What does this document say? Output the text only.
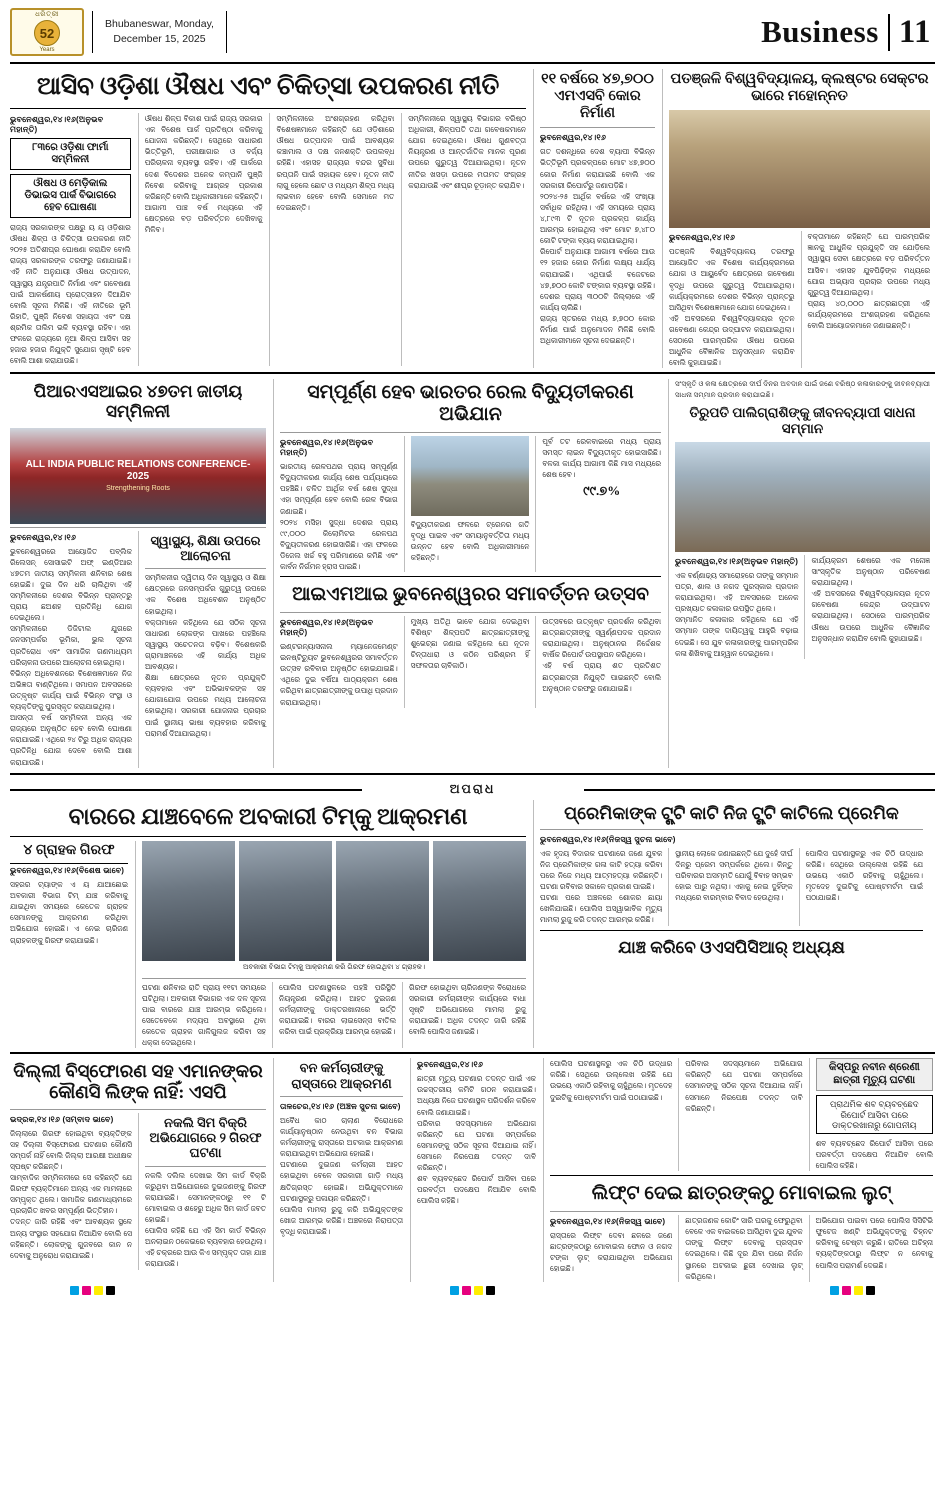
ଧରିତ୍ରୀ
52
Years
Bhubaneswar, Monday,
December 15, 2025	Business 11
ଆସିବ ଓଡ଼ିଶା ଔଷଧ ଏବଂ ଚିକିତ୍ସା ଉପକରଣ ନୀତି
ଭୁବନେଶ୍ୱର,୧୪।୧୬(ଅନୁଭବ ମହାନ୍ତି)
୮୩ରେ ଓଡ଼ିଶା ଫାର୍ମା ସମ୍ମିଳନୀ
ଔଷଧ ଓ ମେଡ଼ିକାଲ ଡିଭାଇସ ପାର୍କ ବିଭାଗରେ ହେବ ଘୋଷଣା
ରାଜ୍ୟ ସରକାରଙ୍କ ପକ୍ଷରୁ ୟ ୟ ଓଡ଼ିଶାର ଔଷଧ ଶିଳ୍ପ ଓ ଚିକିତ୍ସା ଉପକରଣ ନୀତି ୨୦୨୫ ଅତିଶୀଘ୍ର ଘୋଷଣା କରାଯିବ ବୋଲି ରାଜ୍ୟ ସରକାରଙ୍କ ତରଫରୁ ଜଣାଯାଇଛି। ଏହି ନୀତି ଅନୁଯାୟୀ ଔଷଧ ଉତ୍ପାଦନ, ସ୍ୱାସ୍ଥ୍ୟ ଯନ୍ତ୍ରପାତି ନିର୍ମାଣ ଏବଂ ଗବେଷଣା ପାଇଁ ଆକର୍ଷଣୀୟ ପ୍ରୋତ୍ସାହନ ଦିଆଯିବ ବୋଲି ସୂଚନା ମିଳିଛି। ଏହି ନୀତିରେ ଭୂମି ରିହାତି, ପୁଞ୍ଜି ନିବେଶ ସହାୟତା ଏବଂ ଦକ୍ଷ ଶ୍ରମିକ ତାଲିମ ଭଳି ବ୍ୟବସ୍ଥା ରହିବ। ଏହା ଫଳରେ ରାଜ୍ୟରେ ନୂଆ ଶିଳ୍ପ ଆସିବା ସହ ହଜାର ହଜାର ନିଯୁକ୍ତି ସୁଯୋଗ ସୃଷ୍ଟି ହେବ ବୋଲି ଆଶା କରାଯାଉଛି।
ଔଷଧ ଶିଳ୍ପ ବିକାଶ ପାଇଁ ରାଜ୍ୟ ସରକାର ଏକ ବିଶେଷ ପାର୍କ ପ୍ରତିଷ୍ଠା କରିବାକୁ ଯୋଜନା କରିଛନ୍ତି। ସେଥିରେ ସାଧାରଣ ଭିତ୍ତିଭୂମି, ପରୀକ୍ଷାଗାର ଓ ବର୍ଜ୍ୟ ପରିଚାଳନା ବ୍ୟବସ୍ଥା ରହିବ। ଏହି ପାର୍କରେ ଦେଶ ବିଦେଶର ଅନେକ କମ୍ପାନି ପୁଞ୍ଜି ନିବେଶ କରିବାକୁ ଆଗ୍ରହ ପ୍ରକାଶ କରିଛନ୍ତି ବୋଲି ଅଧିକାରୀମାନେ କହିଛନ୍ତି। ଆଗାମୀ ପାଞ୍ଚ ବର୍ଷ ମଧ୍ୟରେ ଏହି କ୍ଷେତ୍ରରେ ବଡ଼ ପରିବର୍ତ୍ତନ ଦେଖିବାକୁ ମିଳିବ।
ସମ୍ମିଳନୀରେ ଅଂଶଗ୍ରହଣ କରିଥିବା ବିଶେଷଜ୍ଞମାନେ କହିଛନ୍ତି ଯେ ଓଡ଼ିଶାରେ ଔଷଧ ଉତ୍ପାଦନ ପାଇଁ ଆବଶ୍ୟକ କଞ୍ଚାମାଲ ଓ ଦକ୍ଷ ଜନଶକ୍ତି ଉପଲବ୍ଧ ରହିଛି। ଏହାସହ ରାଜ୍ୟର ବନ୍ଦର ସୁବିଧା ରପ୍ତାନି ପାଇଁ ସହାୟକ ହେବ। ନୂତନ ନୀତି ଲାଗୁ ହେଲେ ଛୋଟ ଓ ମଧ୍ୟମ ଶିଳ୍ପ ମଧ୍ୟ ଲାଭବାନ ହେବେ ବୋଲି ସେମାନେ ମତ ଦେଇଛନ୍ତି।
ସମ୍ମିଳନୀରେ ସ୍ୱାସ୍ଥ୍ୟ ବିଭାଗର ବରିଷ୍ଠ ଅଧିକାରୀ, ଶିଳ୍ପପତି ତଥା ଗବେଷକମାନେ ଯୋଗ ଦେଇଥିଲେ। ଔଷଧ ଗୁଣବତ୍ତା ନିୟନ୍ତ୍ରଣ ଓ ଆନ୍ତର୍ଜାତିକ ମାନକ ପୂରଣ ଉପରେ ଗୁରୁତ୍ୱ ଦିଆଯାଇଥିଲା। ନୂତନ ନୀତିର ଖସଡ଼ା ଉପରେ ମତାମତ ସଂଗ୍ରହ କରାଯାଉଛି ଏବଂ ଶୀଘ୍ର ଚୂଡ଼ାନ୍ତ କରାଯିବ।
୧୧ ବର୍ଷରେ ୪୭,୭୦୦ ଏମଏସବି କୋର ନିର୍ମାଣ
ଭୁବନେଶ୍ୱର,୧୪।୧୬
ଗତ ଦଶନ୍ଧିରେ ଦେଶ ବ୍ୟାପୀ ବିଭିନ୍ନ ଭିତ୍ତିଭୂମି ପ୍ରକଳ୍ପରେ ମୋଟ ୪୭,୭୦୦ କୋର ନିର୍ମାଣ କରାଯାଇଛି ବୋଲି ଏକ ସରକାରୀ ରିପୋର୍ଟରୁ ଜଣାପଡ଼ିଛି।
୨୦୨୪-୨୫ ଆର୍ଥିକ ବର୍ଷରେ ଏହି ସଂଖ୍ୟା ସର୍ବାଧିକ ରହିଥିଲା। ଏହି ସମୟରେ ପ୍ରାୟ ୪,୮୯୩ ଟି ନୂତନ ପ୍ରକଳ୍ପ କାର୍ଯ୍ୟ ଆରମ୍ଭ ହୋଇଥିଲା ଏବଂ ମୋଟ ୭,୪୮୦ କୋଟି ଟଙ୍କା ବ୍ୟୟ କରାଯାଇଥିଲା।
ରିପୋର୍ଟ ଅନୁଯାୟୀ ଆଗାମୀ ବର୍ଷରେ ଆଉ ୧୨ ହଜାର କୋର ନିର୍ମାଣ ଲକ୍ଷ୍ୟ ଧାର୍ଯ୍ୟ କରାଯାଇଛି। ଏଥିପାଇଁ ବଜେଟରେ ୪୭,୭୦୦ କୋଟି ଟଙ୍କାର ବ୍ୟବସ୍ଥା ରହିଛି। ଦେଶର ପ୍ରାୟ ୩୦୦ଟି ଜିଲ୍ଲାରେ ଏହି କାର୍ଯ୍ୟ ଚାଲିଛି।
ରାଜ୍ୟ ସ୍ତରରେ ମଧ୍ୟ ୭,୭୦୦ କୋର ନିର୍ମାଣ ପାଇଁ ଅନୁମୋଦନ ମିଳିଛି ବୋଲି ଅଧିକାରୀମାନେ ସୂଚନା ଦେଇଛନ୍ତି।
ପତଞ୍ଜଳି ବିଶ୍ୱବିଦ୍ୟାଳୟ, କ୍ଲଷ୍ଟର ସେକ୍ଟର ଭାରେ ମହୋନ୍ନତ
ଭୁବନେଶ୍ୱର,୧୪।୧୬
ପତଞ୍ଜଳି ବିଶ୍ୱବିଦ୍ୟାଳୟ ତରଫରୁ ଆୟୋଜିତ ଏକ ବିଶେଷ କାର୍ଯ୍ୟକ୍ରମରେ ଯୋଗ ଓ ଆୟୁର୍ବେଦ କ୍ଷେତ୍ରରେ ଗବେଷଣା ବୃଦ୍ଧି ଉପରେ ଗୁରୁତ୍ୱ ଦିଆଯାଇଥିଲା। କାର୍ଯ୍ୟକ୍ରମରେ ଦେଶର ବିଭିନ୍ନ ପ୍ରାନ୍ତରୁ ଆସିଥିବା ବିଶେଷଜ୍ଞମାନେ ଯୋଗ ଦେଇଥିଲେ।
ଏହି ଅବସରରେ ବିଶ୍ୱବିଦ୍ୟାଳୟର ନୂତନ ଗବେଷଣା କେନ୍ଦ୍ର ଉଦ୍‌ଘାଟନ କରାଯାଇଥିଲା। ସେଠାରେ ପାରମ୍ପରିକ ଔଷଧ ଉପରେ ଆଧୁନିକ ବୈଜ୍ଞାନିକ ଅନୁସନ୍ଧାନ କରାଯିବ ବୋଲି କୁହାଯାଇଛି।
ବକ୍ତାମାନେ କହିଛନ୍ତି ଯେ ପାରମ୍ପରିକ ଜ୍ଞାନକୁ ଆଧୁନିକ ପ୍ରଯୁକ୍ତି ସହ ଯୋଡ଼ିଲେ ସ୍ୱାସ୍ଥ୍ୟ ସେବା କ୍ଷେତ୍ରରେ ବଡ଼ ପରିବର୍ତ୍ତନ ଆସିବ। ଏହାସହ ଯୁବପିଢ଼ିଙ୍କ ମଧ୍ୟରେ ଯୋଗ ଅଭ୍ୟାସ ପ୍ରଚାର ଉପରେ ମଧ୍ୟ ଗୁରୁତ୍ୱ ଦିଆଯାଇଥିଲା।
ପ୍ରାୟ ୪୦,୦୦୦ ଛାତ୍ରଛାତ୍ରୀ ଏହି କାର୍ଯ୍ୟକ୍ରମରେ ଅଂଶଗ୍ରହଣ କରିଥିଲେ ବୋଲି ଆୟୋଜକମାନେ ଜଣାଇଛନ୍ତି।
ପିଆରଏସଆଇର ୪୭ତମ ଜାତୀୟ ସମ୍ମିଳନୀ
ALL INDIA PUBLIC RELATIONS CONFERENCE-2025
Strengthening Roots
ଭୁବନେଶ୍ୱର,୧୪।୧୬
ଭୁବନେଶ୍ୱରରେ ଆୟୋଜିତ ପବ୍ଲିକ ରିଲେସନ୍ ସୋସାଇଟି ଅଫ୍ ଇଣ୍ଡିଆର ୪୭ତମ ଜାତୀୟ ସମ୍ମିଳନୀ ଶନିବାର ଶେଷ ହୋଇଛି। ଦୁଇ ଦିନ ଧରି ଚାଲିଥିବା ଏହି ସମ୍ମିଳନୀରେ ଦେଶର ବିଭିନ୍ନ ପ୍ରାନ୍ତରୁ ପ୍ରାୟ ଛଅଶହ ପ୍ରତିନିଧି ଯୋଗ ଦେଇଥିଲେ।
ସମ୍ମିଳନୀରେ ଡିଜିଟାଲ ଯୁଗରେ ଜନସମ୍ପର୍କର ଭୂମିକା, ଭୁଲ ସୂଚନା ପ୍ରତିରୋଧ ଏବଂ ସାମାଜିକ ଗଣମାଧ୍ୟମ ପରିଚାଳନା ଉପରେ ଆଲୋଚନା ହୋଇଥିଲା।
ବିଭିନ୍ନ ଅଧିବେଶନରେ ବିଶେଷଜ୍ଞମାନେ ନିଜ ଅଭିଜ୍ଞତା ବାଣ୍ଟିଥିଲେ। ସମାପନ ଅବସରରେ ଉତ୍କୃଷ୍ଟ କାର୍ଯ୍ୟ ପାଇଁ ବିଭିନ୍ନ ସଂସ୍ଥା ଓ ବ୍ୟକ୍ତିଙ୍କୁ ପୁରସ୍କୃତ କରାଯାଇଥିଲା।
ଆସନ୍ତା ବର୍ଷ ସମ୍ମିଳନୀ ଅନ୍ୟ ଏକ ରାଜ୍ୟରେ ଅନୁଷ୍ଠିତ ହେବ ବୋଲି ଘୋଷଣା କରାଯାଇଛି। ଏଥିରେ ୨୪ ଟିରୁ ଅଧିକ ରାଜ୍ୟର ପ୍ରତିନିଧି ଯୋଗ ଦେବେ ବୋଲି ଆଶା କରାଯାଉଛି।
ସ୍ୱାସ୍ଥ୍ୟ, ଶିକ୍ଷା ଉପରେ ଆଲୋଚନା
ସମ୍ମିଳନୀର ଦ୍ୱିତୀୟ ଦିନ ସ୍ୱାସ୍ଥ୍ୟ ଓ ଶିକ୍ଷା କ୍ଷେତ୍ରରେ ଜନସମ୍ପର୍କର ଗୁରୁତ୍ୱ ଉପରେ ଏକ ବିଶେଷ ଅଧିବେଶନ ଅନୁଷ୍ଠିତ ହୋଇଥିଲା।
ବକ୍ତାମାନେ କହିଥିଲେ ଯେ ସଠିକ ସୂଚନା ସାଧାରଣ ଲୋକଙ୍କ ପାଖରେ ପହଞ୍ଚିଲେ ସ୍ୱାସ୍ଥ୍ୟ ସଚେତନତା ବଢ଼ିବ। ବିଶେଷକରି ଗ୍ରାମାଞ୍ଚଳରେ ଏହି କାର୍ଯ୍ୟ ଅଧିକ ଆବଶ୍ୟକ।
ଶିକ୍ଷା କ୍ଷେତ୍ରରେ ନୂତନ ପ୍ରଯୁକ୍ତି ବ୍ୟବହାର ଏବଂ ଅଭିଭାବକଙ୍କ ସହ ଯୋଗାଯୋଗ ଉପରେ ମଧ୍ୟ ଆଲୋଚନା ହୋଇଥିଲା। ସରକାରୀ ଯୋଜନାର ପ୍ରଚାର ପାଇଁ ସ୍ଥାନୀୟ ଭାଷା ବ୍ୟବହାର କରିବାକୁ ପରାମର୍ଶ ଦିଆଯାଇଥିଲା।
ସମ୍ପୂର୍ଣ୍ଣ ହେବ ଭାରତର ରେଲ ବିଦ୍ୟୁତୀକରଣ ଅଭିଯାନ
ଭୁବନେଶ୍ୱର,୧୪।୧୬(ଅନୁଭବ ମହାନ୍ତି)
ଭାରତୀୟ ରେଳପଥର ପ୍ରାୟ ସମ୍ପୂର୍ଣ୍ଣ ବିଦ୍ୟୁତୀକରଣ କାର୍ଯ୍ୟ ଶେଷ ପର୍ଯ୍ୟାୟରେ ପହଞ୍ଚିଛି। ଚଳିତ ଆର୍ଥିକ ବର୍ଷ ଶେଷ ସୁଦ୍ଧା ଏହା ସମ୍ପୂର୍ଣ୍ଣ ହେବ ବୋଲି ରେଳ ବିଭାଗ ଜଣାଇଛି।
୨୦୨୪ ମସିହା ସୁଦ୍ଧା ଦେଶର ପ୍ରାୟ ୯୯,୦୦୦ କିଲୋମିଟର ରେଳପଥ ବିଦ୍ୟୁତୀକରଣ ହୋଇସାରିଛି। ଏହା ଫଳରେ ଡିଜେଲ ଖର୍ଚ୍ଚ ବହୁ ପରିମାଣରେ କମିଛି ଏବଂ କାର୍ବନ ନିର୍ଗମନ ହ୍ରାସ ପାଇଛି।
ବିଦ୍ୟୁତୀକରଣ ଫଳରେ ଟ୍ରେନର ଗତି ବୃଦ୍ଧି ପାଇବ ଏବଂ ସମୟାନୁବର୍ତ୍ତିତା ମଧ୍ୟ ଉନ୍ନତ ହେବ ବୋଲି ଅଧିକାରୀମାନେ କହିଛନ୍ତି।
ପୂର୍ବ ତଟ ରେଳବାଇରେ ମଧ୍ୟ ପ୍ରାୟ ସମସ୍ତ ଲାଇନ ବିଦ୍ୟୁତୀକୃତ ହୋଇସାରିଛି। ବଳକା କାର୍ଯ୍ୟ ଆଗାମୀ କିଛି ମାସ ମଧ୍ୟରେ ଶେଷ ହେବ।
୯୯.୭%
ଆଇଏମଆଇ ଭୁବନେଶ୍ୱରର ସମାବର୍ତ୍ତନ ଉତ୍ସବ
ଭୁବନେଶ୍ୱର,୧୪।୧୬(ଅନୁଭବ ମହାନ୍ତି)
ଇଣ୍ଟରନ୍ୟାସନାଲ ମ୍ୟାନେଜମେଣ୍ଟ ଇନଷ୍ଟିଚ୍ୟୁଟ ଭୁବନେଶ୍ୱରର ସମାବର୍ତ୍ତନ ଉତ୍ସବ ରବିବାର ଅନୁଷ୍ଠିତ ହୋଇଯାଇଛି। ଏଥିରେ ଦୁଇ ବର୍ଷିଆ ପାଠ୍ୟକ୍ରମ ଶେଷ କରିଥିବା ଛାତ୍ରଛାତ୍ରୀଙ୍କୁ ଉପାଧି ପ୍ରଦାନ କରାଯାଇଥିଲା।
ମୁଖ୍ୟ ଅତିଥି ଭାବେ ଯୋଗ ଦେଇଥିବା ବିଶିଷ୍ଟ ଶିଳ୍ପପତି ଛାତ୍ରଛାତ୍ରୀଙ୍କୁ ଶୁଭେଚ୍ଛା ଜଣାଇ କହିଥିଲେ ଯେ ନୂତନ ଚିନ୍ତାଧାରା ଓ କଠିନ ପରିଶ୍ରମ ହିଁ ସଫଳତାର ଚାବିକାଠି।
ଉତ୍ସବରେ ଉତ୍କୃଷ୍ଟ ପ୍ରଦର୍ଶନ କରିଥିବା ଛାତ୍ରଛାତ୍ରୀଙ୍କୁ ସ୍ୱର୍ଣ୍ଣପଦକ ପ୍ରଦାନ କରାଯାଇଥିଲା। ଅନୁଷ୍ଠାନର ନିର୍ଦ୍ଦେଶକ ବାର୍ଷିକ ରିପୋର୍ଟ ଉପସ୍ଥାପନ କରିଥିଲେ।
ଏହି ବର୍ଷ ପ୍ରାୟ ଶତ ପ୍ରତିଶତ ଛାତ୍ରଛାତ୍ରୀ ନିଯୁକ୍ତି ପାଇଛନ୍ତି ବୋଲି ଅନୁଷ୍ଠାନ ତରଫରୁ ଜଣାଯାଇଛି।
ସଂସ୍କୃତି ଓ କଳା କ୍ଷେତ୍ରରେ ଦୀର୍ଘ ଦିନର ଅବଦାନ ପାଇଁ ଜଣେ ବରିଷ୍ଠ କଳାକାରଙ୍କୁ ଜୀବନବ୍ୟାପୀ ସାଧନା ସମ୍ମାନ ପ୍ରଦାନ କରାଯାଇଛି।
ତିରୁପତି ପାଲିଗ୍ରାଶିଙ୍କୁ ଜୀବନବ୍ୟାପୀ ସାଧନା ସମ୍ମାନ
ଭୁବନେଶ୍ୱର,୧୪।୧୬(ଅନୁଭବ ମହାନ୍ତି)
ଏକ ବର୍ଣ୍ଣାଢ୍ୟ ସମାରୋହରେ ତାଙ୍କୁ ସମ୍ମାନ ପତ୍ର, ଶାଲ ଓ ନଗଦ ପୁରସ୍କାର ପ୍ରଦାନ କରାଯାଇଥିଲା। ଏହି ଅବସରରେ ଅନେକ ପ୍ରଖ୍ୟାତ କଳାକାର ଉପସ୍ଥିତ ଥିଲେ।
ସମ୍ମାନିତ କଳାକାର କହିଥିଲେ ଯେ ଏହି ସମ୍ମାନ ତାଙ୍କ ଦାୟିତ୍ୱକୁ ଆହୁରି ବଢ଼ାଇ ଦେଇଛି। ସେ ଯୁବ କଳାକାରଙ୍କୁ ପାରମ୍ପରିକ କଳା ଶିଖିବାକୁ ଆହ୍ୱାନ ଦେଇଥିଲେ।
କାର୍ଯ୍ୟକ୍ରମ ଶେଷରେ ଏକ ମନୋଜ୍ଞ ସାଂସ୍କୃତିକ ଅନୁଷ୍ଠାନ ପରିବେଷଣ କରାଯାଇଥିଲା।
ଏହି ଅବସରରେ ବିଶ୍ୱବିଦ୍ୟାଳୟର ନୂତନ ଗବେଷଣା କେନ୍ଦ୍ର ଉଦ୍‌ଘାଟନ କରାଯାଇଥିଲା। ସେଠାରେ ପାରମ୍ପରିକ ଔଷଧ ଉପରେ ଆଧୁନିକ ବୈଜ୍ଞାନିକ ଅନୁସନ୍ଧାନ କରାଯିବ ବୋଲି କୁହାଯାଇଛି।
ଅପରାଧ
ବାରରେ ଯାଞ୍ଚବେଳେ ଅବକାରୀ ଟିମ୍‌କୁ ଆକ୍ରମଣ
୪ ଗ୍ରାହକ ଗିରଫ
ଭୁବନେଶ୍ୱର,୧୪।୧୬(ବିଶେଷ ଭାବେ)
ସହରର ଟ୍ୟାଙ୍କ ଏ ୟ ଯାଆଛୋଇ ଅବକାରୀ ବିଭାଗ ଟିମ୍ ଯାଞ୍ଚ କରିବାକୁ ଯାଇଥିବା ସମୟରେ କେତେକ ଗ୍ରାହକ ସେମାନଙ୍କୁ ଆକ୍ରମଣ କରିଥିବା ଅଭିଯୋଗ ହୋଇଛି। ଏ ନେଇ ଚାରିଜଣ ଗ୍ରାହକଙ୍କୁ ଗିରଫ କରାଯାଇଛି।
ଅବକାରୀ ବିଭାଗ ଟିମ୍‌କୁ ଆକ୍ରମଣ କରି ଗିରଫ ହୋଇଥିବା ୪ ଗ୍ରାହକ।
ଘଟଣା ଶନିବାର ରାତି ପ୍ରାୟ ୧୧ଟା ସମୟରେ ଘଟିଥିଲା। ଅବକାରୀ ବିଭାଗର ଏକ ଦଳ ସୂଚନା ପାଇ ବାରରେ ଯାଞ୍ଚ ଆରମ୍ଭ କରିଥିଲେ। ସେତେବେଳେ ମଦ୍ୟପ ଅବସ୍ଥାରେ ଥିବା କେତେକ ଗ୍ରାହକ ଗାଳିଗୁଲଜ କରିବା ସହ ଧକ୍କା ଦେଇଥିଲେ।
ପୋଲିସ ଘଟଣାସ୍ଥଳରେ ପହଞ୍ଚି ପରିସ୍ଥିତି ନିୟନ୍ତ୍ରଣ କରିଥିଲା। ଆହତ ଦୁଇଜଣ କର୍ମଚାରୀଙ୍କୁ ଡାକ୍ତରଖାନାରେ ଭର୍ତ୍ତି କରାଯାଇଛି। ବାରର ଲାଇସେନ୍ସ ବାତିଲ କରିବା ପାଇଁ ପ୍ରକ୍ରିୟା ଆରମ୍ଭ ହୋଇଛି।
ଗିରଫ ହୋଇଥିବା ଚାରିଜଣଙ୍କ ବିରୋଧରେ ସରକାରୀ କର୍ମଚାରୀଙ୍କ କାର୍ଯ୍ୟରେ ବାଧା ସୃଷ୍ଟି ଅଭିଯୋଗରେ ମାମଲା ରୁଜୁ କରାଯାଇଛି। ଅଧିକ ତଦନ୍ତ ଜାରି ରହିଛି ବୋଲି ପୋଲିସ ଜଣାଇଛି।
ପ୍ରେମିକାଙ୍କ ଟ୍ଣ୍ଟି କାଟି ନିଜ ଟ୍ଣ୍ଟି କାଟିଲେ ପ୍ରେମିକ
ଭୁବନେଶ୍ୱର,୧୪।୧୬(ନିଜସ୍ୱ ସୁଚନା ଭାବେ)
ଏକ ହୃଦୟ ବିଦାରକ ଘଟଣାରେ ଜଣେ ଯୁବକ ନିଜ ପ୍ରେମିକାଙ୍କ ଗଳା କାଟି ହତ୍ୟା କରିବା ପରେ ନିଜେ ମଧ୍ୟ ଆତ୍ମହତ୍ୟା କରିଛନ୍ତି। ଘଟଣା ରବିବାର ସକାଳେ ପ୍ରକାଶ ପାଇଛି।
ଘଟଣା ପରେ ଅଞ୍ଚଳରେ ଶୋକର ଛାୟା ଖେଳିଯାଇଛି। ପୋଲିସ ଅସ୍ୱାଭାବିକ ମୃତ୍ୟୁ ମାମଲା ରୁଜୁ କରି ତଦନ୍ତ ଆରମ୍ଭ କରିଛି।
ସ୍ଥାନୀୟ ଲୋକେ ଜଣାଇଛନ୍ତି ଯେ ଦୁହେଁ ଦୀର୍ଘ ଦିନରୁ ପ୍ରେମ ସମ୍ପର୍କରେ ଥିଲେ। କିନ୍ତୁ ପରିବାରର ଅସମ୍ମତି ଯୋଗୁଁ ବିବାହ ସମ୍ଭବ ହୋଇ ପାରୁ ନଥିଲା। ଏହାକୁ ନେଇ ଦୁହିଁଙ୍କ ମଧ୍ୟରେ ବାରମ୍ବାର ବିବାଦ ହେଉଥିଲା।
ପୋଲିସ ଘଟଣାସ୍ଥଳରୁ ଏକ ଚିଠି ଉଦ୍ଧାର କରିଛି। ସେଥିରେ ଉଲ୍ଲେଖ ରହିଛି ଯେ ଉଭୟେ ଏକାଠି ରହିବାକୁ ଚାହୁଁଥିଲେ। ମୃତଦେହ ଦୁଇଟିକୁ ପୋଷ୍ଟମର୍ଟମ ପାଇଁ ପଠାଯାଇଛି।
ଯାଞ୍ଚ କରିବେ ଓଏସପିସିଆର୍ ଅଧ୍ୟକ୍ଷ
ଦିଲ୍ଲୀ ବିସ୍ଫୋରଣ ସହ ଏମାନଙ୍କର କୌଣସି ଲିଙ୍କ ନାହିଁ: ଏସପି
ଭଦ୍ରକ,୧୪।୧୬ (ସମ୍ବାଦ ଭାବେ)
ଜିଲ୍ଲାରେ ଗିରଫ ହୋଇଥିବା ବ୍ୟକ୍ତିଙ୍କ ସହ ଦିଲ୍ଲୀ ବିସ୍ଫୋରଣ ଘଟଣାର କୌଣସି ସମ୍ପର୍କ ନାହିଁ ବୋଲି ଜିଲ୍ଲା ଆରକ୍ଷୀ ଅଧୀକ୍ଷକ ସ୍ପଷ୍ଟ କରିଛନ୍ତି।
ସାମ୍ବାଦିକ ସମ୍ମିଳନୀରେ ସେ କହିଛନ୍ତି ଯେ ଗିରଫ ବ୍ୟକ୍ତିମାନେ ଅନ୍ୟ ଏକ ମାମଲାରେ ସମ୍ପୃକ୍ତ ଥିଲେ। ସାମାଜିକ ଗଣମାଧ୍ୟମରେ ପ୍ରଚାରିତ ଖବର ସମ୍ପୂର୍ଣ୍ଣ ଭିତ୍ତିହୀନ।
ତଦନ୍ତ ଜାରି ରହିଛି ଏବଂ ଆବଶ୍ୟକ ସ୍ଥଳେ ଅନ୍ୟ ସଂସ୍ଥାର ସହଯୋଗ ନିଆଯିବ ବୋଲି ସେ କହିଛନ୍ତି। ଲୋକଙ୍କୁ ଗୁଜବରେ କାନ ନ ଦେବାକୁ ଅନୁରୋଧ କରାଯାଇଛି।
ନକଲି ସିମ ବିକ୍ରି ଅଭିଯୋଗରେ ୨ ଗିରଫ ଘଟଣା
ନକଲି ଦଲିଲ ଦେଖାଇ ସିମ କାର୍ଡ ବିକ୍ରି କରୁଥିବା ଅଭିଯୋଗରେ ଦୁଇଜଣଙ୍କୁ ଗିରଫ କରାଯାଇଛି। ସେମାନଙ୍କଠାରୁ ୧୧ ଟି ମୋବାଇଲ ଓ ଶହେରୁ ଅଧିକ ସିମ କାର୍ଡ ଜବତ ହୋଇଛି।
ପୋଲିସ କହିଛି ଯେ ଏହି ସିମ କାର୍ଡ ବିଭିନ୍ନ ଅନଲାଇନ ଠକେଇରେ ବ୍ୟବହାର ହେଉଥିଲା। ଏହି ଚକ୍ରରେ ଆଉ କିଏ ସମ୍ପୃକ୍ତ ତାହା ଯାଞ୍ଚ କରାଯାଉଛି।
ବନ କର୍ମଚାରୀଙ୍କୁ ରାସ୍ତାରେ ଆକ୍ରମଣ
ତାଳଚେର,୧୪।୧୬ (ଅଞ୍ଚଳ ସୁଚନା ଭାବେ)
ଅବୈଧ କାଠ ଚାଲାଣ ବିରୋଧରେ କାର୍ଯ୍ୟାନୁଷ୍ଠାନ ନେଉଥିବା ବନ ବିଭାଗ କର୍ମଚାରୀଙ୍କୁ ରାସ୍ତାରେ ଅଟକାଇ ଆକ୍ରମଣ କରାଯାଇଥିବା ଅଭିଯୋଗ ହୋଇଛି।
ଘଟଣାରେ ଦୁଇଜଣ କର୍ମଚାରୀ ଆହତ ହୋଇଥିବା ବେଳେ ସରକାରୀ ଗାଡ଼ି ମଧ୍ୟ କ୍ଷତିଗ୍ରସ୍ତ ହୋଇଛି। ଅଭିଯୁକ୍ତମାନେ ଘଟଣାସ୍ଥଳରୁ ପଳାୟନ କରିଛନ୍ତି।
ପୋଲିସ ମାମଲା ରୁଜୁ କରି ଅଭିଯୁକ୍ତଙ୍କ ଖୋଜ ଆରମ୍ଭ କରିଛି। ଅଞ୍ଚଳରେ ନିରାପତ୍ତା ବୃଦ୍ଧି କରାଯାଇଛି।
ଭୁବନେଶ୍ୱର,୧୪।୧୬
ଛାତ୍ରୀ ମୃତ୍ୟୁ ଘଟଣାର ତଦନ୍ତ ପାଇଁ ଏକ ଉଚ୍ଚସ୍ତରୀୟ କମିଟି ଗଠନ କରାଯାଇଛି। ଅଧ୍ୟକ୍ଷ ନିଜେ ଘଟଣାସ୍ଥଳ ପରିଦର୍ଶନ କରିବେ ବୋଲି ଜଣାଯାଇଛି।
ପରିବାର ସଦସ୍ୟମାନେ ଅଭିଯୋଗ କରିଛନ୍ତି ଯେ ଘଟଣା ସମ୍ପର୍କରେ ସେମାନଙ୍କୁ ସଠିକ ସୂଚନା ଦିଆଯାଇ ନାହିଁ। ସେମାନେ ନିରପେକ୍ଷ ତଦନ୍ତ ଦାବି କରିଛନ୍ତି।
ଶବ ବ୍ୟବଚ୍ଛେଦ ରିପୋର୍ଟ ଆସିବା ପରେ ପରବର୍ତ୍ତୀ ପଦକ୍ଷେପ ନିଆଯିବ ବୋଲି ପୋଲିସ କହିଛି।
ପୋଲିସ ଘଟଣାସ୍ଥଳରୁ ଏକ ଚିଠି ଉଦ୍ଧାର କରିଛି। ସେଥିରେ ଉଲ୍ଲେଖ ରହିଛି ଯେ ଉଭୟେ ଏକାଠି ରହିବାକୁ ଚାହୁଁଥିଲେ। ମୃତଦେହ ଦୁଇଟିକୁ ପୋଷ୍ଟମର୍ଟମ ପାଇଁ ପଠାଯାଇଛି।
ପରିବାର ସଦସ୍ୟମାନେ ଅଭିଯୋଗ କରିଛନ୍ତି ଯେ ଘଟଣା ସମ୍ପର୍କରେ ସେମାନଙ୍କୁ ସଠିକ ସୂଚନା ଦିଆଯାଇ ନାହିଁ। ସେମାନେ ନିରପେକ୍ଷ ତଦନ୍ତ ଦାବି କରିଛନ୍ତି।
କିସ୍ପରୁ ନବୀନ ଶ୍ରେଣୀ ଛାତ୍ରୀ ମୃତ୍ୟୁ ଘଟଣା
ପ୍ରାଥମିକ ଶବ ବ୍ୟବଚ୍ଛେଦ ରିପୋର୍ଟ ଆସିବା ପରେ ଡାକ୍ତରଖାନାରୁ ଗୋପନୀୟ
ଶବ ବ୍ୟବଚ୍ଛେଦ ରିପୋର୍ଟ ଆସିବା ପରେ ପରବର୍ତ୍ତୀ ପଦକ୍ଷେପ ନିଆଯିବ ବୋଲି ପୋଲିସ କହିଛି।
ଲିଫ୍ଟ ଦେଇ ଛାତ୍ରଙ୍କଠୁ ମୋବାଇଲ ଲୁଟ୍
ଭୁବନେଶ୍ୱର,୧୪।୧୬(ନିଜସ୍ୱ ଭାବେ)
ରାସ୍ତାରେ ଲିଫ୍ଟ ଦେବା ଛଳରେ ଜଣେ ଛାତ୍ରଙ୍କଠାରୁ ମୋବାଇଲ ଫୋନ ଓ ନଗଦ ଟଙ୍କା ଲୁଟ୍ କରାଯାଇଥିବା ଅଭିଯୋଗ ହୋଇଛି।
ଛାତ୍ରଜଣକ କୋଚିଂ ସାରି ଘରକୁ ଫେରୁଥିବା ବେଳେ ଏକ ବାଇକରେ ଆସିଥିବା ଦୁଇ ଯୁବକ ତାଙ୍କୁ ଲିଫ୍ଟ ଦେବାକୁ ପ୍ରସ୍ତାବ ଦେଇଥିଲେ। କିଛି ଦୂର ଯିବା ପରେ ନିର୍ଜନ ସ୍ଥାନରେ ଅଟକାଇ ଛୁରୀ ଦେଖାଇ ଲୁଟ୍ କରିଥିଲେ।
ଅଭିଯୋଗ ପାଇବା ପରେ ପୋଲିସ ସିସିଟିଭି ଫୁଟେଜ ଖଣ୍ଟି ଅଭିଯୁକ୍ତଙ୍କୁ ଚିହ୍ନଟ କରିବାକୁ ଚେଷ୍ଟା କରୁଛି। ରାତିରେ ଅଚିହ୍ନା ବ୍ୟକ୍ତିଙ୍କଠାରୁ ଲିଫ୍ଟ ନ ନେବାକୁ ପୋଲିସ ପରାମର୍ଶ ଦେଇଛି।
